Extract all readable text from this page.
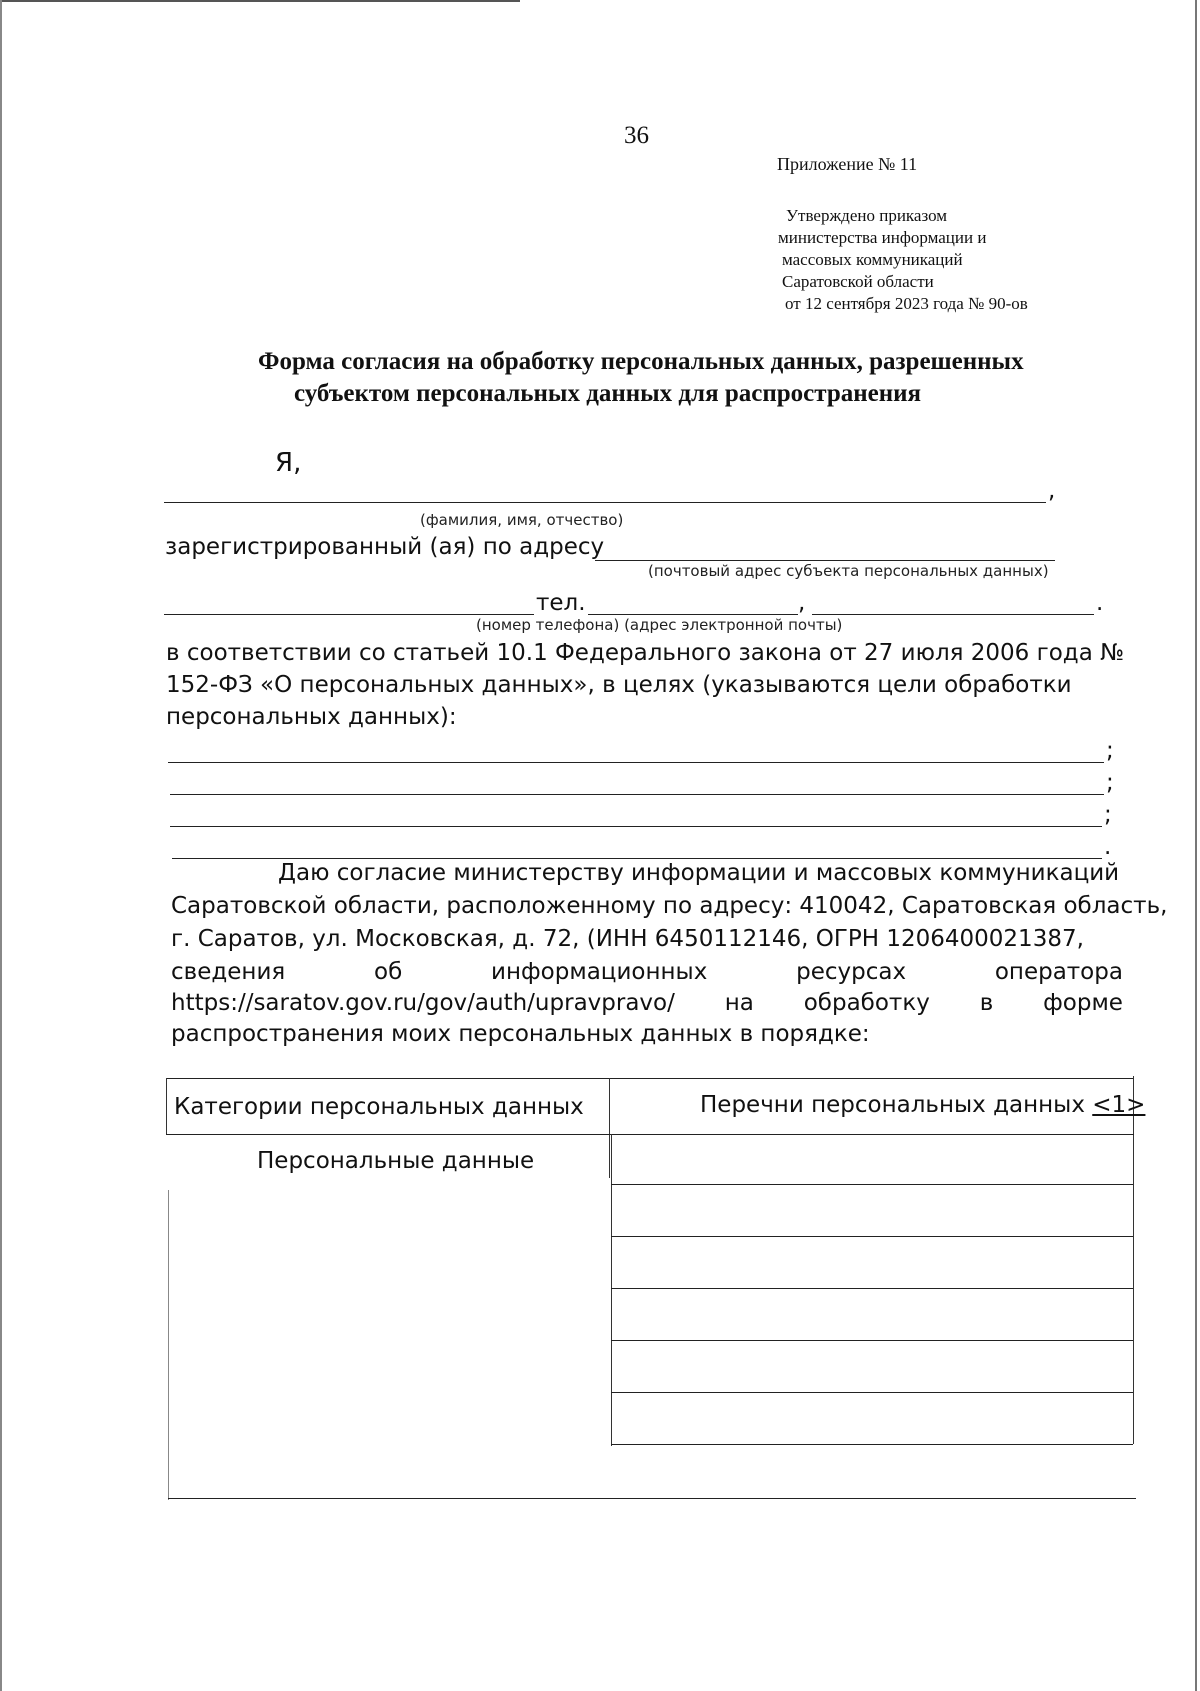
36
Приложение № 11
Утверждено приказом
министерства информации и
массовых коммуникаций
Саратовской области
от 12 сентября 2023 года № 90-ов
Форма согласия на обработку персональных данных, разрешенных
субъектом персональных данных для распространения
Я,
,
(фамилия, имя, отчество)
зарегистрированный (ая) по адресу
(почтовый адрес субъекта персональных данных)
тел.	,	.
(номер телефона) (адрес электронной почты)
в соответствии со статьей 10.1 Федерального закона от 27 июля 2006 года №
152-ФЗ «О персональных данных», в целях (указываются цели обработки
персональных данных):
;
;
;
.
Даю согласие министерству информации и массовых коммуникаций
Саратовской области, расположенному по адресу: 410042, Саратовская область,
г. Саратов, ул. Московская, д. 72, (ИНН 6450112146, ОГРН 1206400021387,
сведения	об	информационных	ресурсах	оператора
https://saratov.gov.ru/gov/auth/upravpravo/ на обработку в форме
распространения моих персональных данных в порядке:
Категории персональных данных	Перечни персональных данных <1>
Персональные данные
